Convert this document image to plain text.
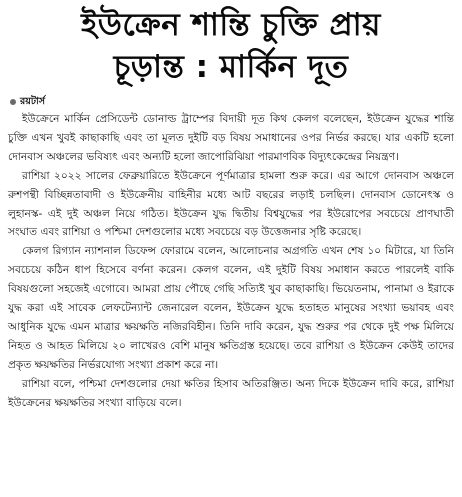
ইউক্রেন শান্তি চুক্তি প্রায়
চূড়ান্ত : মার্কিন দূত
রয়টার্স

ইউক্রেনে মার্কিন প্রেসিডেন্ট ডোনাল্ড ট্রাম্পের বিদায়ী দূত কিথ কেলগ বলেছেন, ইউক্রেন যুদ্ধের শান্তি চুক্তি এখন খুবই কাছাকাছি এবং তা মূলত দুইটি বড় বিষয় সমাধানের ওপর নির্ভর করছে। যার একটি হলো দোনবাস অঞ্চলের ভবিষ্যৎ এবং অন্যটি হলো জাপোরিঝিয়া পারমাণবিক বিদ্যুৎকেন্দ্রের নিয়ন্ত্রণ।

রাশিয়া ২০২২ সালের ফেব্রুয়ারিতে ইউক্রেনে পূর্ণমাত্রার হামলা শুরু করে। এর আগে দোনবাস অঞ্চলে রুশপন্থী বিচ্ছিন্নতাবাদী ও ইউক্রেনীয় বাহিনীর মধ্যে আট বছরের লড়াই চলছিল। দোনবাস ডোনেৎস্ক ও লুহানস্ক- এই দুই অঞ্চল নিয়ে গঠিত। ইউক্রেন যুদ্ধ দ্বিতীয় বিশ্বযুদ্ধের পর ইউরোপের সবচেয়ে প্রাণঘাতী সংঘাত এবং রাশিয়া ও পশ্চিমা দেশগুলোর মধ্যে সবচেয়ে বড় উত্তেজনার সৃষ্টি করেছে।

কেলগ রিগ্যান ন্যাশনাল ডিফেন্স ফোরামে বলেন, আলোচনার অগ্রগতি এখন শেষ ১০ মিটারে, যা তিনি সবচেয়ে কঠিন ধাপ হিসেবে বর্ণনা করেন। কেলগ বলেন, এই দুইটি বিষয় সমাধান করতে পারলেই বাকি বিষয়গুলো সহজেই এগোবে। আমরা প্রায় পৌছে গেছি সত্যিই খুব কাছাকাছি। ভিয়েতনাম, পানামা ও ইরাকে যুদ্ধ করা এই সাবেক লেফটেন্যান্ট জেনারেল বলেন, ইউক্রেন যুদ্ধে হতাহত মানুষের সংখ্যা ভয়াবহ এবং আধুনিক যুদ্ধে এমন মাত্রার ক্ষয়ক্ষতি নজিরবিহীন। তিনি দাবি করেন, যুদ্ধ শুরুর পর থেকে দুই পক্ষ মিলিয়ে নিহত ও আহত মিলিয়ে ২০ লাখেরও বেশি মানুষ ক্ষতিগ্রস্ত হয়েছে। তবে রাশিয়া ও ইউক্রেন কেউই তাদের প্রকৃত ক্ষয়ক্ষতির নির্ভরযোগ্য সংখ্যা প্রকাশ করে না।

রাশিয়া বলে, পশ্চিমা দেশগুলোর দেয়া ক্ষতির হিসাব অতিরঞ্জিত। অন্য দিকে ইউক্রেন দাবি করে, রাশিয়া ইউক্রেনের ক্ষয়ক্ষতির সংখ্যা বাড়িয়ে বলে।
